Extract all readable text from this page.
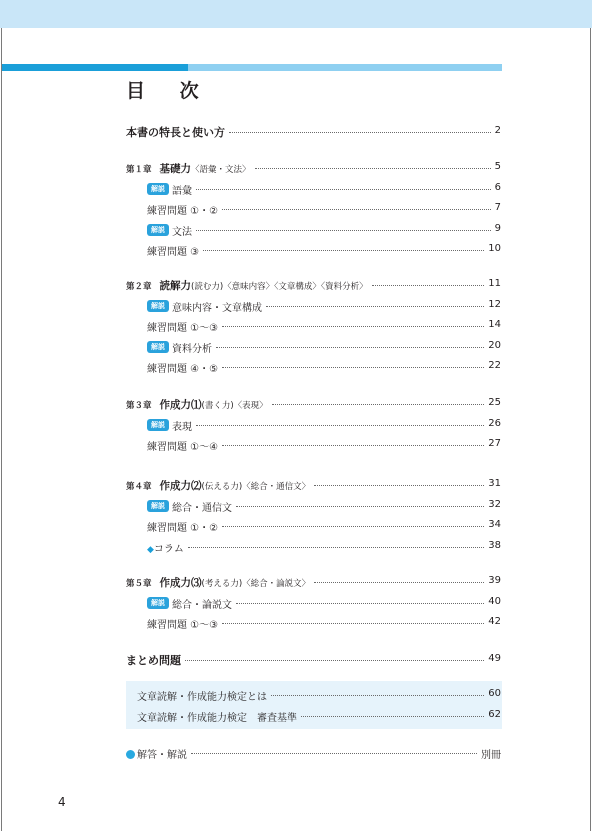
目 次
本書の特長と使い方	2
第１章　 基礎力〈語彙・文法〉	5
語彙	6
解説
練習問題 ①・②	7
文法	9
解説
練習問題 ③	10
第２章　 読解力(読む力)〈意味内容〉〈文章構成〉〈資料分析〉	11
意味内容・文章構成	12
解説
練習問題 ①〜③	14
資料分析	20
解説
練習問題 ④・⑤	22
第３章　 作成力⑴(書く力)〈表現〉	25
表現	26
解説
練習問題 ①〜④	27
第４章　 作成力⑵(伝える力)〈総合・通信文〉	31
総合・通信文	32
解説
練習問題 ①・②	34
◆コラム	38
第５章　 作成力⑶(考える力)〈総合・論説文〉	39
総合・論説文	40
解説
練習問題 ①〜③	42
まとめ問題	49
文章読解・作成能力検定とは	60
文章読解・作成能力検定　審査基準	62
解答・解説	別冊
4
